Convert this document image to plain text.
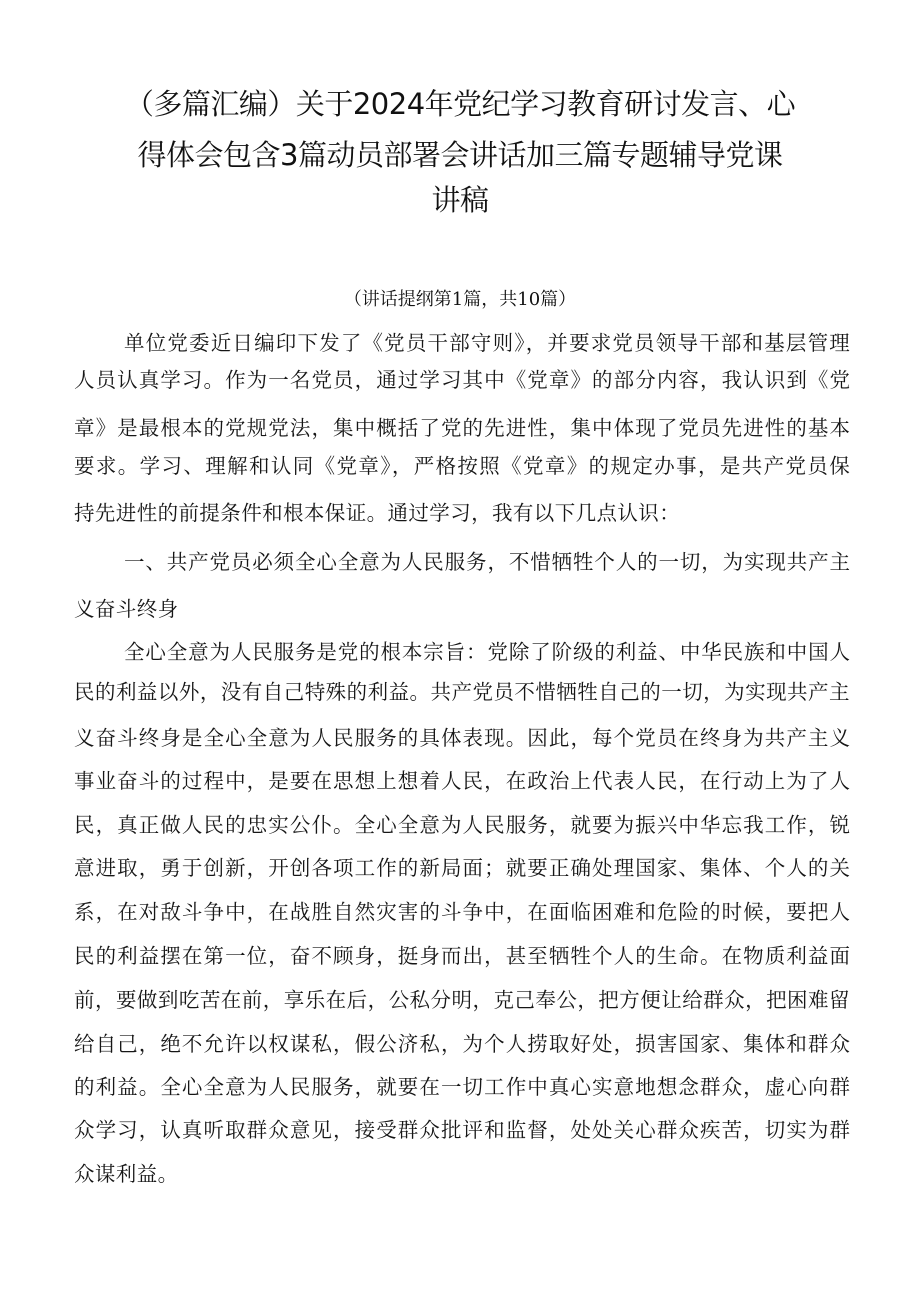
（多篇汇编）关于2024年党纪学习教育研讨发言、心
得体会包含3篇动员部署会讲话加三篇专题辅导党课
讲稿
（讲话提纲第1篇，共10篇）
单位党委近日编印下发了《党员干部守则》，并要求党员领导干部和基层管理
人员认真学习。作为一名党员，通过学习其中《党章》的部分内容，我认识到《党
章》是最根本的党规党法，集中概括了党的先进性，集中体现了党员先进性的基本
要求。学习、理解和认同《党章》，严格按照《党章》的规定办事，是共产党员保
持先进性的前提条件和根本保证。通过学习，我有以下几点认识：
一、共产党员必须全心全意为人民服务，不惜牺牲个人的一切，为实现共产主
义奋斗终身
全心全意为人民服务是党的根本宗旨：党除了阶级的利益、中华民族和中国人
民的利益以外，没有自己特殊的利益。共产党员不惜牺牲自己的一切，为实现共产主
义奋斗终身是全心全意为人民服务的具体表现。因此，每个党员在终身为共产主义
事业奋斗的过程中，是要在思想上想着人民，在政治上代表人民，在行动上为了人
民，真正做人民的忠实公仆。全心全意为人民服务，就要为振兴中华忘我工作，锐
意进取，勇于创新，开创各项工作的新局面；就要正确处理国家、集体、个人的关
系，在对敌斗争中，在战胜自然灾害的斗争中，在面临困难和危险的时候，要把人
民的利益摆在第一位，奋不顾身，挺身而出，甚至牺牲个人的生命。在物质利益面
前，要做到吃苦在前，享乐在后，公私分明，克己奉公，把方便让给群众，把困难留
给自己，绝不允许以权谋私，假公济私，为个人捞取好处，损害国家、集体和群众
的利益。全心全意为人民服务，就要在一切工作中真心实意地想念群众，虚心向群
众学习，认真听取群众意见，接受群众批评和监督，处处关心群众疾苦，切实为群
众谋利益。
